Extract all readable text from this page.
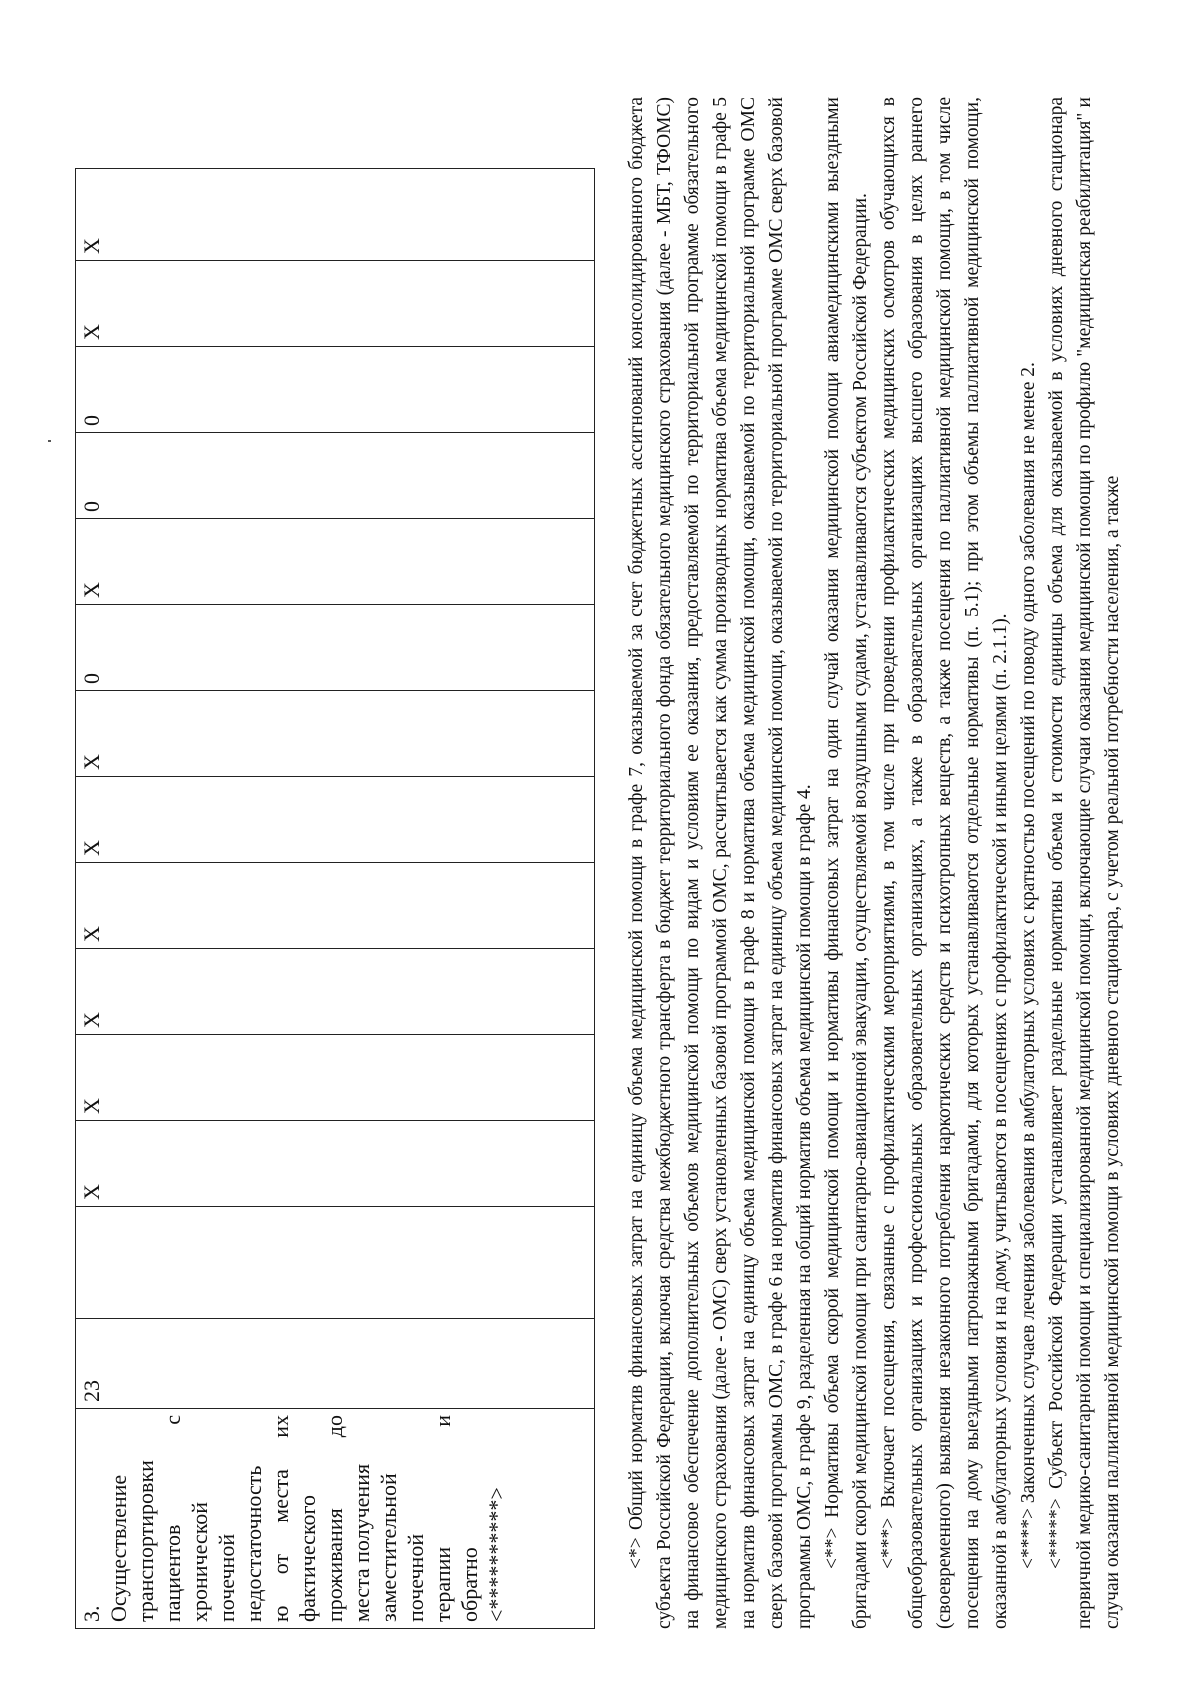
3. Осуществление транспортировки пациентов с хронической почечной недостаточность ю от места их фактического проживания до места получения заместительной почечной терапии и обратно <**********>
	23		X	X	X	X	X	X	0	X	0	0	X	X	<*> Общий норматив финансовых затрат на единицу объема медицинской помощи в графе 7, оказываемой за счет бюджетных ассигнований консолидированного бюджета субъекта Российской Федерации, включая средства межбюджетного трансферта в бюджет территориального фонда обязательного медицинского страхования (далее - МБТ, ТФОМС) на финансовое обеспечение дополнительных объемов медицинской помощи по видам и условиям ее оказания, предоставляемой по территориальной программе обязательного медицинского страхования (далее - ОМС) сверх установленных базовой программой ОМС, рассчитывается как сумма производных норматива объема медицинской помощи в графе 5 на норматив финансовых затрат на единицу объема медицинской помощи в графе 8 и норматива объема медицинской помощи, оказываемой по территориальной программе ОМС сверх базовой программы ОМС, в графе 6 на норматив финансовых затрат на единицу объема медицинской помощи, оказываемой по территориальной программе ОМС сверх базовой программы ОМС, в графе 9, разделенная на общий норматив объема медицинской помощи в графе 4. <**> Нормативы объема скорой медицинской помощи и нормативы финансовых затрат на один случай оказания медицинской помощи авиамедицинскими выездными бригадами скорой медицинской помощи при санитарно-авиационной эвакуации, осуществляемой воздушными судами, устанавливаются субъектом Российской Федерации. <***> Включает посещения, связанные с профилактическими мероприятиями, в том числе при проведении профилактических медицинских осмотров обучающихся в общеобразовательных организациях и профессиональных образовательных организациях, а также в образовательных организациях высшего образования в целях раннего (своевременного) выявления незаконного потребления наркотических средств и психотропных веществ, а также посещения по паллиативной медицинской помощи, в том числе посещения на дому выездными патронажными бригадами, для которых устанавливаются отдельные нормативы (п. 5.1); при этом объемы паллиативной медицинской помощи, оказанной в амбулаторных условия и на дому, учитываются в посещениях с профилактической и иными целями (п. 2.1.1). <****> Законченных случаев лечения заболевания в амбулаторных условиях с кратностью посещений по поводу одного заболевания не менее 2. <*****> Субъект Российской Федерации устанавливает раздельные нормативы объема и стоимости единицы объема для оказываемой в условиях дневного стационара первичной медико-санитарной помощи и специализированной медицинской помощи, включающие случаи оказания медицинской помощи по профилю "медицинская реабилитация" и случаи оказания паллиативной медицинской помощи в условиях дневного стационара, с учетом реальной потребности населения, а также
